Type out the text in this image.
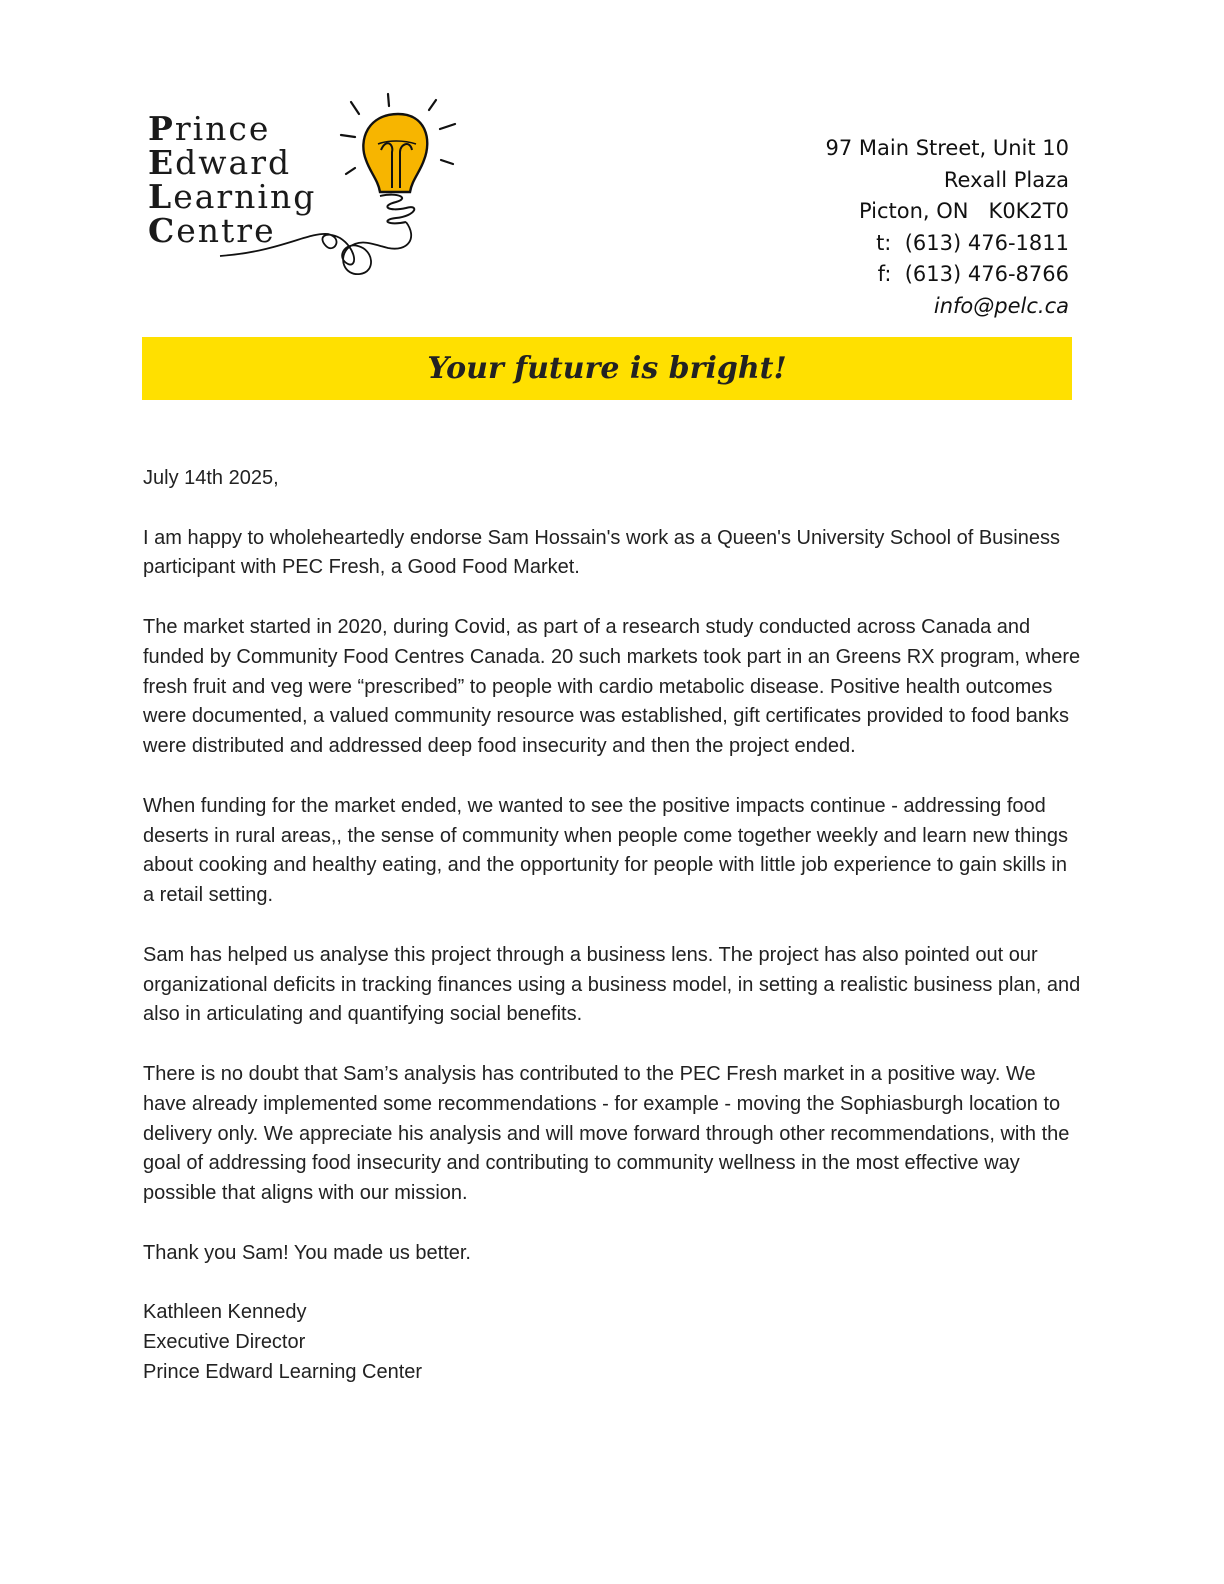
Prince
Edward
Learning
Centre
97 Main Street, Unit 10
Rexall Plaza
Picton, ON   K0K2T0
t:  (613) 476-1811
f:  (613) 476-8766
info@pelc.ca
Your future is bright!

July 14th 2025,

I am happy to wholeheartedly endorse Sam Hossain's work as a Queen's University School of Business participant with PEC Fresh, a Good Food Market.

The market started in 2020, during Covid, as part of a research study conducted across Canada and funded by Community Food Centres Canada. 20 such markets took part in an Greens RX program, where fresh fruit and veg were “prescribed” to people with cardio metabolic disease. Positive health outcomes were documented, a valued community resource was established, gift certificates provided to food banks were distributed and addressed deep food insecurity and then the project ended.

When funding for the market ended, we wanted to see the positive impacts continue - addressing food deserts in rural areas,, the sense of community when people come together weekly and learn new things about cooking and healthy eating, and the opportunity for people with little job experience to gain skills in a retail setting.

Sam has helped us analyse this project through a business lens. The project has also pointed out our organizational deficits in tracking finances using a business model, in setting a realistic business plan, and also in articulating and quantifying social benefits.

There is no doubt that Sam’s analysis has contributed to the PEC Fresh market in a positive way. We have already implemented some recommendations - for example - moving the Sophiasburgh location to delivery only. We appreciate his analysis and will move forward through other recommendations, with the goal of addressing food insecurity and contributing to community wellness in the most effective way possible that aligns with our mission.

Thank you Sam! You made us better.

Kathleen Kennedy
Executive Director
Prince Edward Learning Center
